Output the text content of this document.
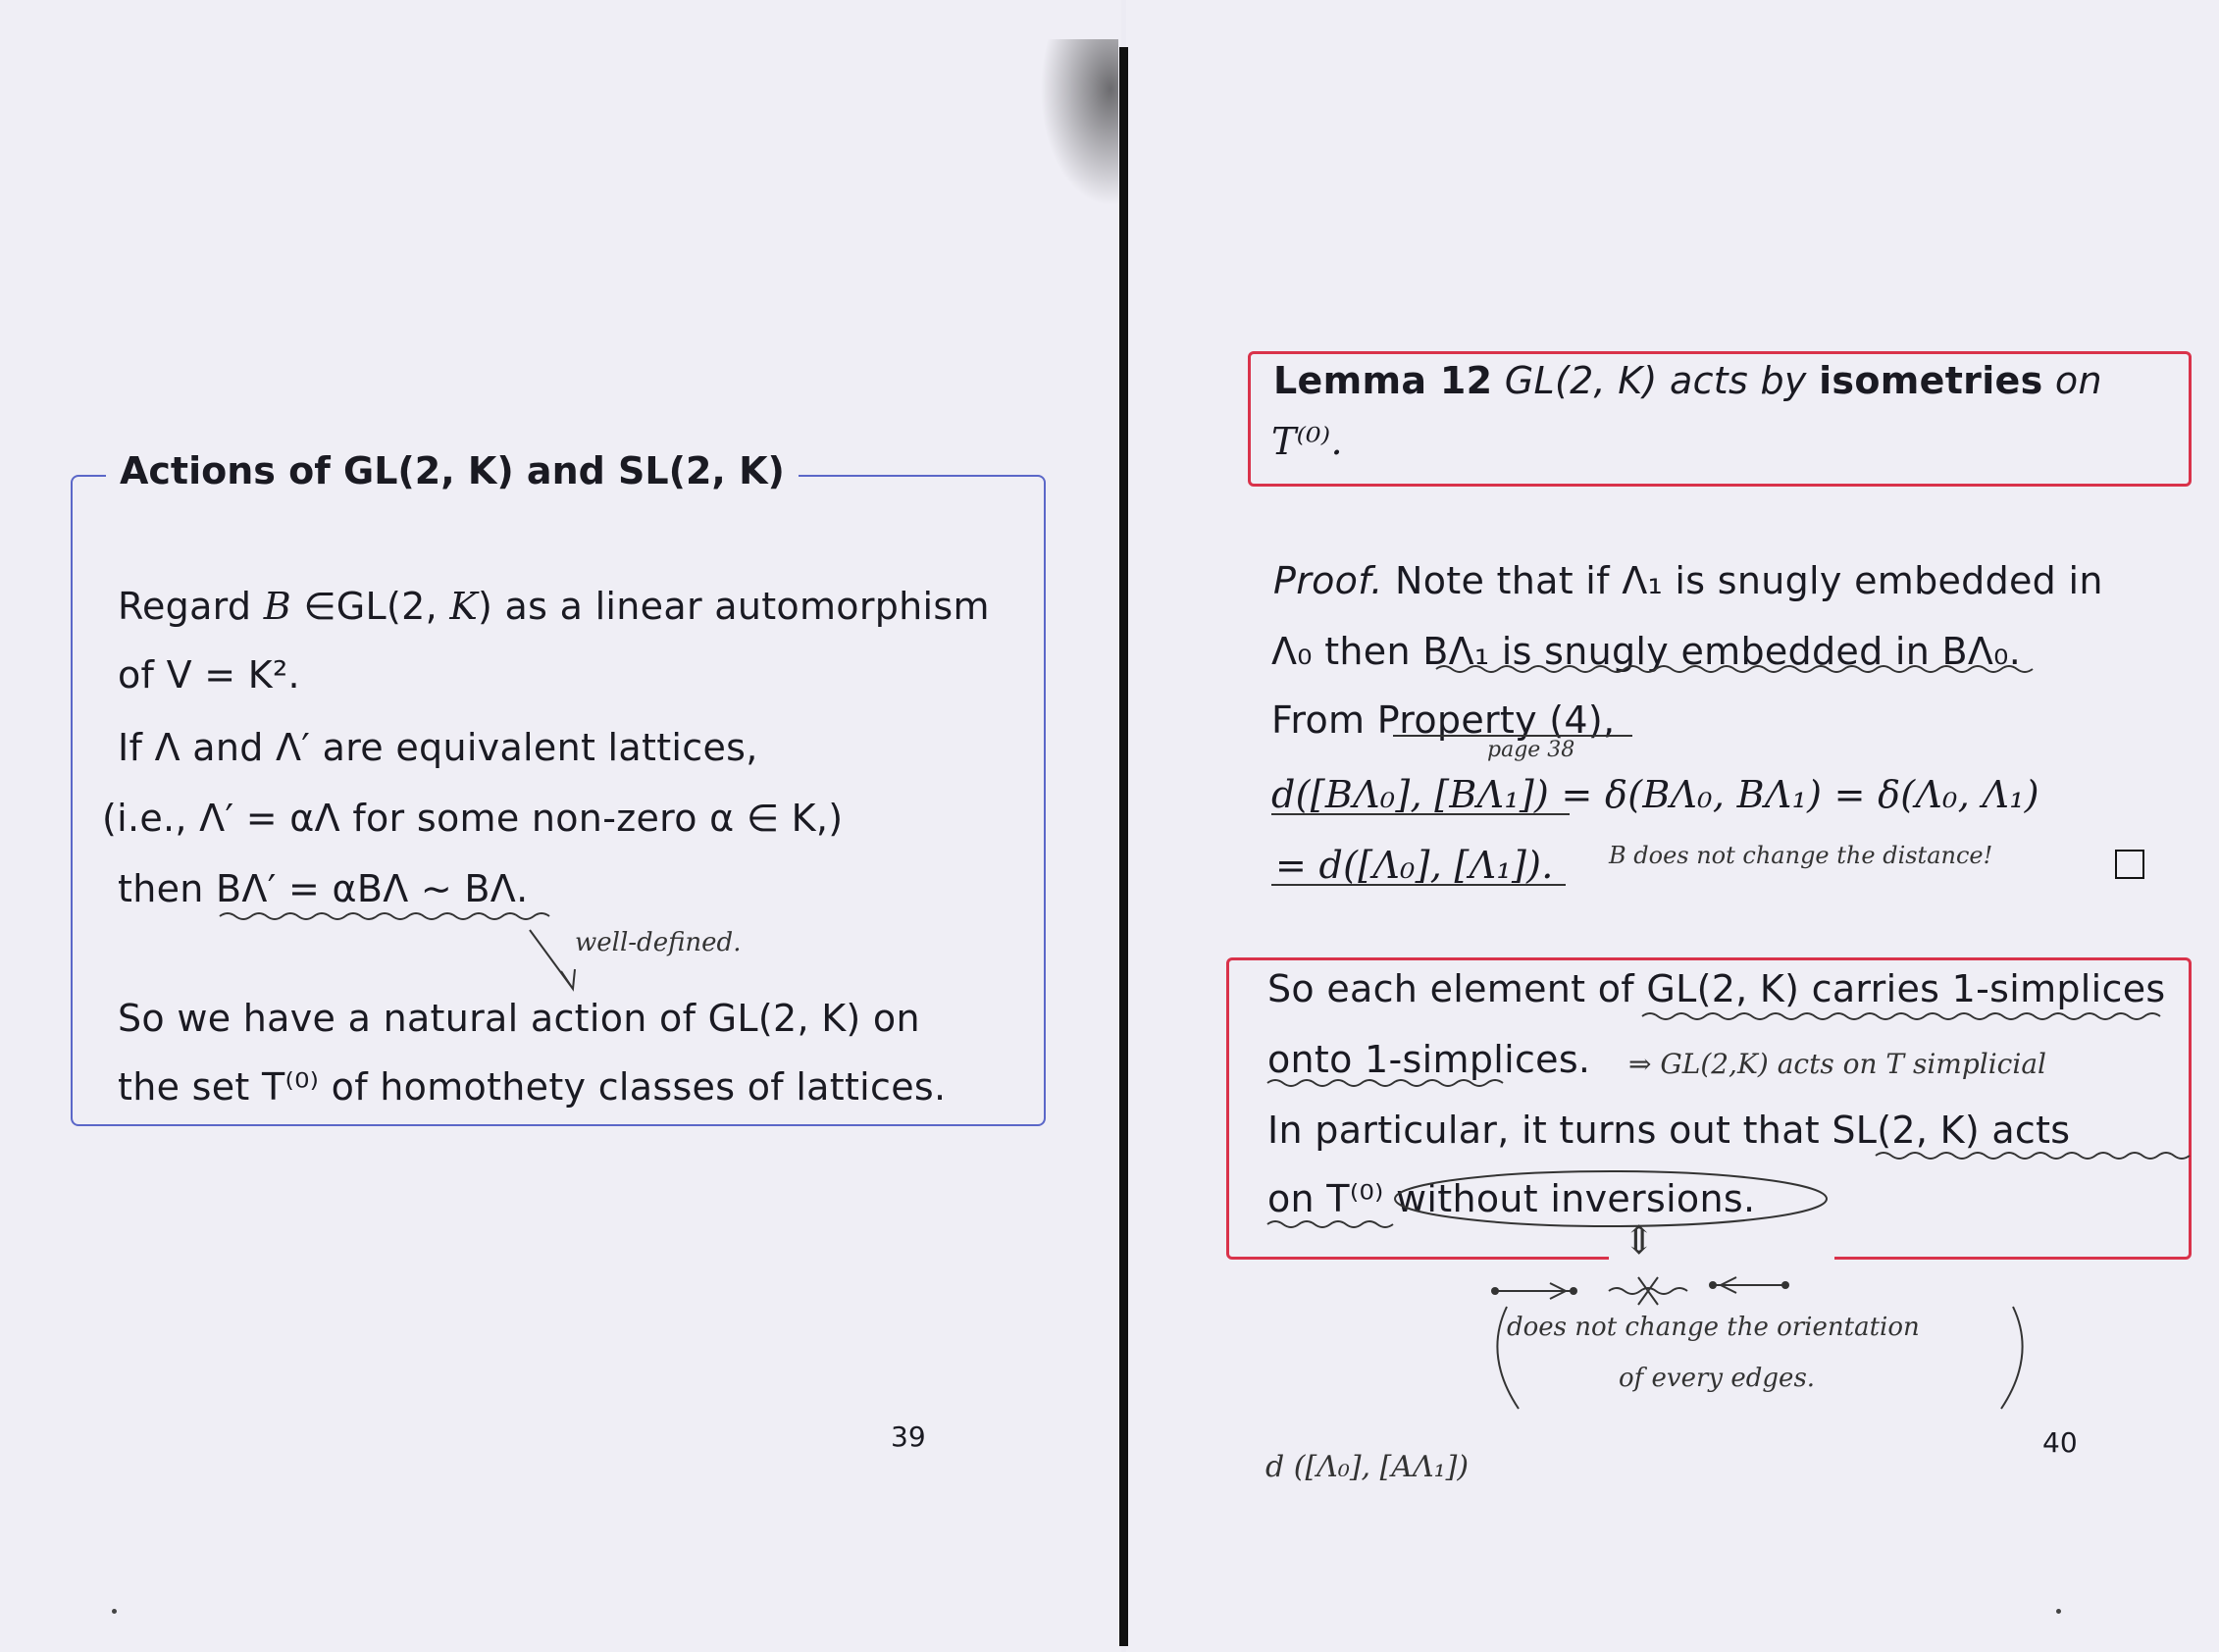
Actions of GL(2, K) and SL(2, K)
Regard B ∈GL(2, K) as a linear automorphism
of V = K².
If Λ and Λ′ are equivalent lattices,
(i.e., Λ′ = αΛ for some non-zero α ∈ K,)
then BΛ′ = αBΛ ∼ BΛ.
well-defined.
So we have a natural action of GL(2, K) on
the set T⁽⁰⁾ of homothety classes of lattices.
39
Lemma 12 GL(2, K) acts by isometries on
T⁽⁰⁾.
Proof. Note that if Λ₁ is snugly embedded in
Λ₀ then BΛ₁ is snugly embedded in BΛ₀.
From Property (4),
page 38
d([BΛ₀], [BΛ₁]) = δ(BΛ₀, BΛ₁) = δ(Λ₀, Λ₁)
= d([Λ₀], [Λ₁]). B does not change the distance!
So each element of GL(2, K) carries 1-simplices
onto 1-simplices. ⇒ GL(2,K) acts on T simplicial
In particular, it turns out that SL(2, K) acts
on T⁽⁰⁾ without inversions.
⇕
does not change the orientation
of every edges.
d ([Λ₀], [AΛ₁])
40
